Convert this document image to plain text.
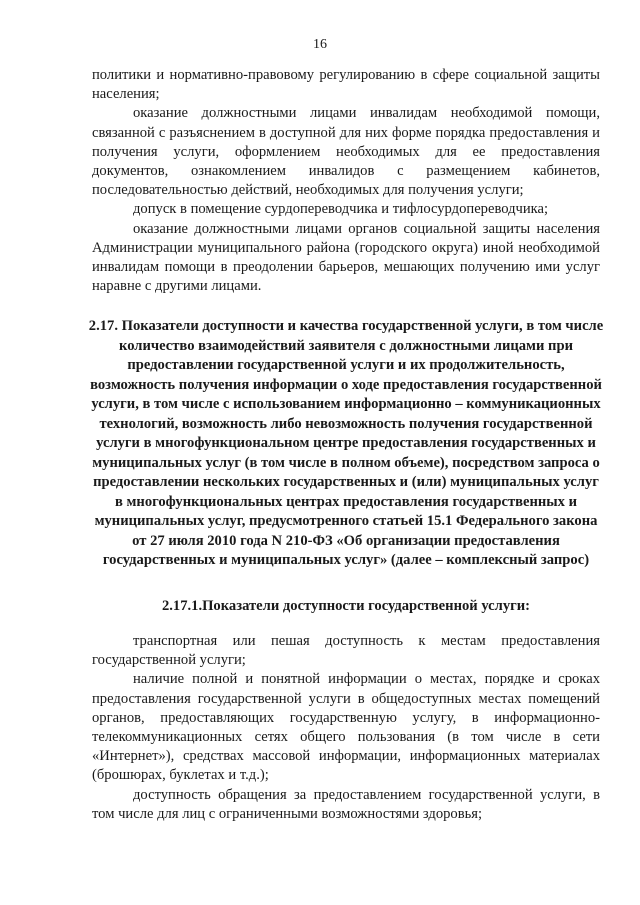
16

политики и нормативно-правовому регулированию в сфере социальной защиты населения;

оказание должностными лицами инвалидам необходимой помощи, связанной с разъяснением в доступной для них форме порядка предоставления и получения услуги, оформлением необходимых для ее предоставления документов, ознакомлением инвалидов с размещением кабинетов, последовательностью действий, необходимых для получения услуги;

допуск в помещение сурдопереводчика и тифлосурдопереводчика;

оказание должностными лицами органов социальной защиты населения Администрации муниципального района (городского округа) иной необходимой инвалидам помощи в преодолении барьеров, мешающих получению ими услуг наравне с другими лицами.

2.17. Показатели доступности и качества государственной услуги, в том числе количество взаимодействий заявителя с должностными лицами при предоставлении государственной услуги и их продолжительность, возможность получения информации о ходе предоставления государственной услуги, в том числе с использованием информационно – коммуникационных технологий, возможность либо невозможность получения государственной услуги в многофункциональном центре предоставления государственных и муниципальных услуг (в том числе в полном объеме), посредством запроса о предоставлении нескольких государственных и (или) муниципальных услуг в многофункциональных центрах предоставления государственных и муниципальных услуг, предусмотренного статьей 15.1 Федерального закона от 27 июля 2010 года N 210-ФЗ «Об организации предоставления государственных и муниципальных услуг» (далее – комплексный запрос)
2.17.1.Показатели доступности государственной услуги:

транспортная или пешая доступность к местам предоставления государственной услуги;

наличие полной и понятной информации о местах, порядке и сроках предоставления государственной услуги в общедоступных местах помещений органов, предоставляющих государственную услугу, в информационно-телекоммуникационных сетях общего пользования (в том числе в сети «Интернет»), средствах массовой информации, информационных материалах (брошюрах, буклетах и т.д.);

доступность обращения за предоставлением государственной услуги, в том числе для лиц с ограниченными возможностями здоровья;
